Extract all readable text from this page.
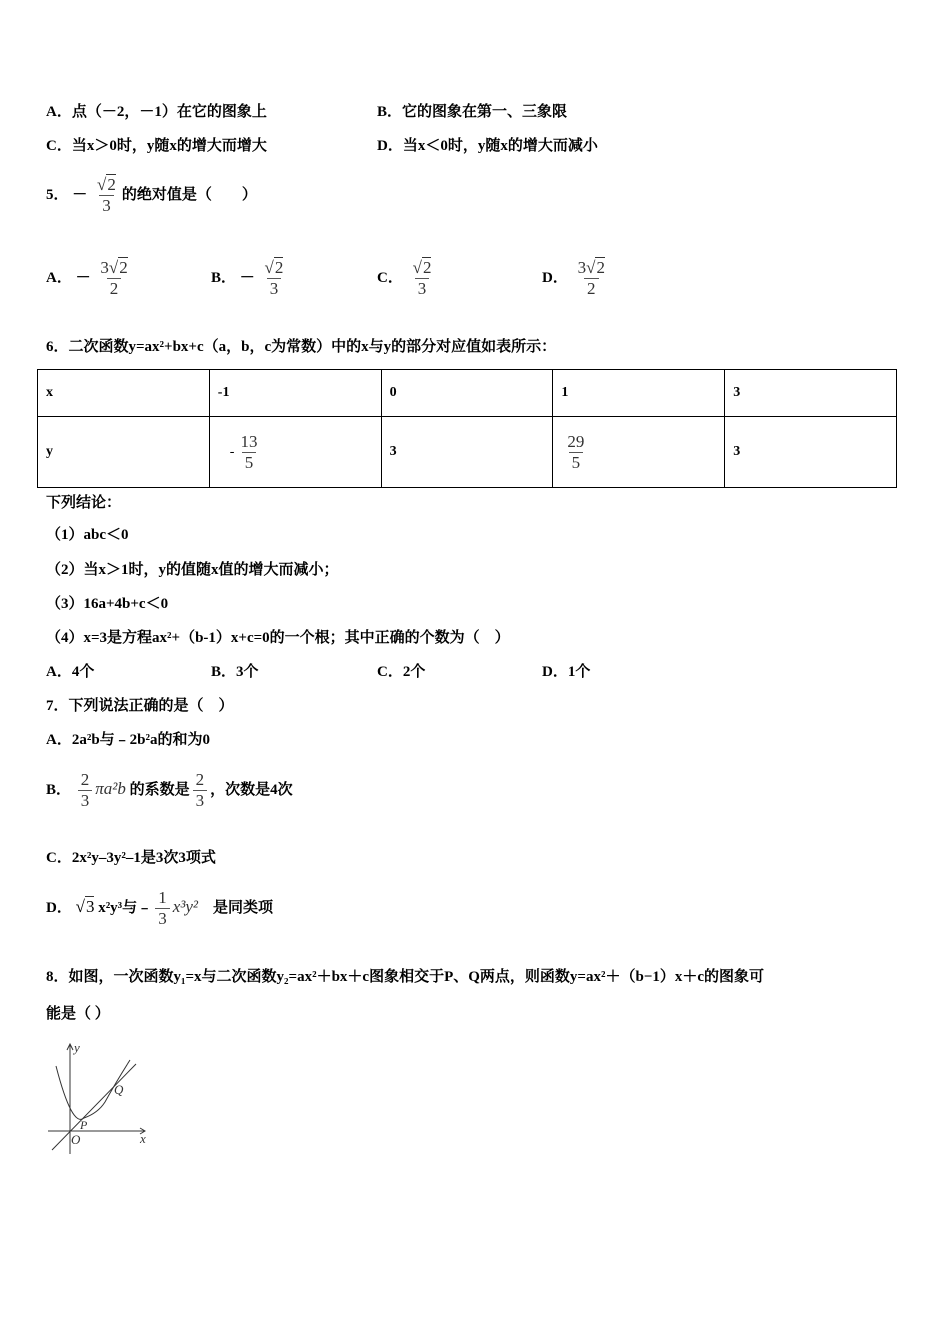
A．点（－2，－1）在它的图象上	B．它的图象在第一、三象限
C．当x＞0时，y随x的增大而增大	D．当x＜0时，y随x的增大而减小
5． － $\frac{√2}{3}$ 的绝对值是（　　）
A． － $\frac{3√2}{2}$	B． － $\frac{√2}{3}$	C． $\frac{√2}{3}$	D． $\frac{3√2}{2}$
6．二次函数y=ax²+bx+c（a，b，c为常数）中的x与y的部分对应值如表所示：
x	-1	0	1	3
y	- $\frac{13}{5}$	3	$\frac{29}{5}$	3
下列结论：
（1）abc＜0
（2）当x＞1时，y的值随x值的增大而减小；
（3）16a+4b+c＜0
（4）x=3是方程ax²+（b-1）x+c=0的一个根；其中正确的个数为（　）
A．4个	B．3个	C．2个	D．1个
7．下列说法正确的是（　）
A．2a²b与﹣2b²a的和为0
B． $\frac{2}{3} \pi a^2b$ 的系数是 $\frac{2}{3}$ ，次数是4次
C．2x²y–3y²–1是3次3项式
D． √3 x²y³与﹣ $\frac{1}{3} x^3y^2$　 是同类项
8．如图，一次函数y₁=x与二次函数y₂=ax²＋bx＋c图象相交于P、Q两点，则函数y=ax²＋（b−1）x＋c的图象可
能是（ ）
y
x
O
P
Q
